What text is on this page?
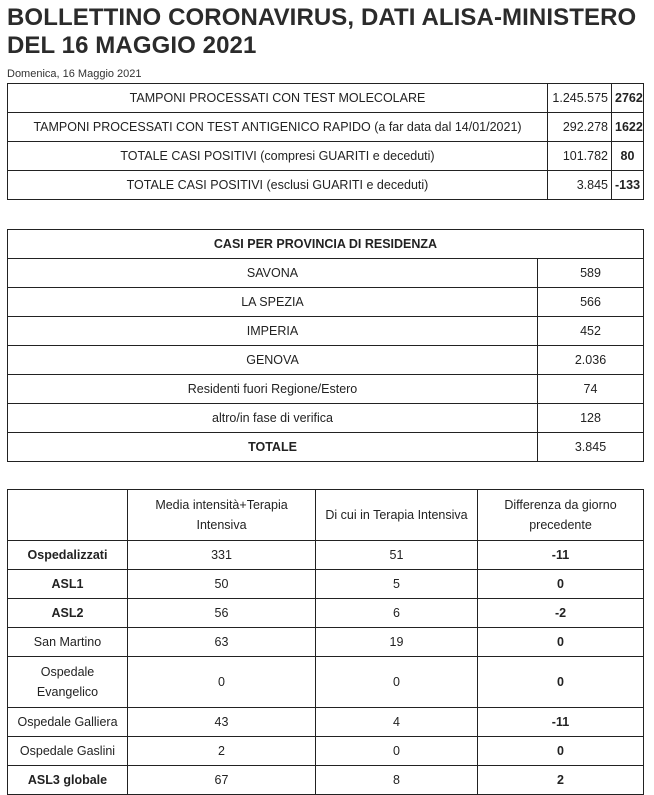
BOLLETTINO CORONAVIRUS, DATI ALISA-MINISTERO DEL 16 MAGGIO 2021
Domenica, 16 Maggio 2021
TAMPONI PROCESSATI CON TEST MOLECOLARE	1.245.575	2762
TAMPONI PROCESSATI CON TEST ANTIGENICO RAPIDO (a far data dal 14/01/2021)	292.278	1622
TOTALE CASI POSITIVI (compresi GUARITI e deceduti)	101.782	80
TOTALE CASI POSITIVI (esclusi GUARITI e deceduti)	3.845	-133
CASI PER PROVINCIA DI RESIDENZA	
SAVONA	589
LA SPEZIA	566
IMPERIA	452
GENOVA	2.036
Residenti fuori Regione/Estero	74
altro/in fase di verifica	128
TOTALE	3.845
	Media intensità+Terapia Intensiva	Di cui in Terapia Intensiva	Differenza da giorno precedente
Ospedalizzati	331	51	-11
ASL1	50	5	0
ASL2	56	6	-2
San Martino	63	19	0
Ospedale Evangelico	0	0	0
Ospedale Galliera	43	4	-11
Ospedale Gaslini	2	0	0
ASL3 globale	67	8	2
